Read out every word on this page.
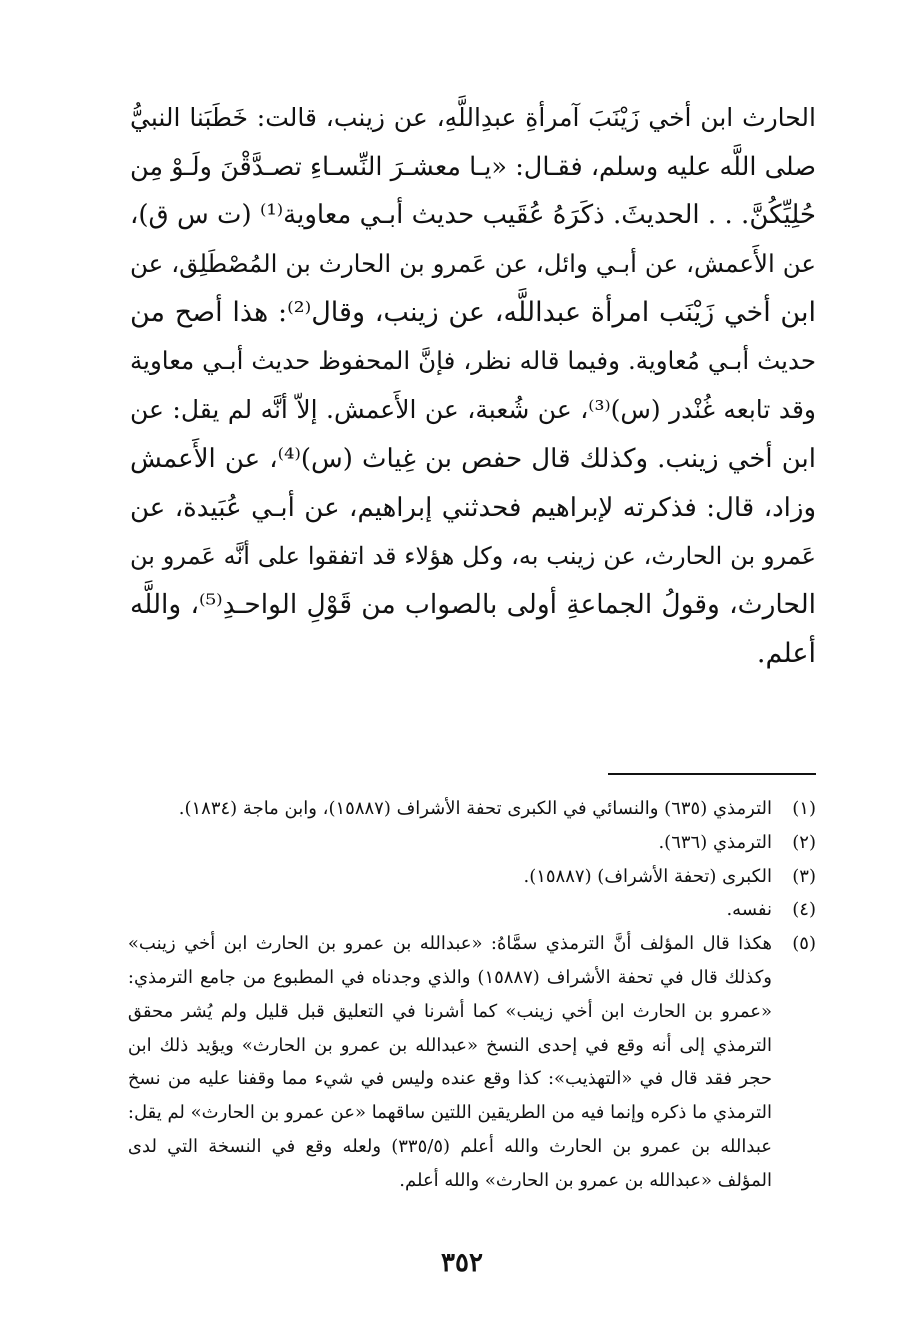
الحارث ابن أخي زَيْنَبَ آمرأةِ عبدِاللَّهِ، عن زينب، قالت: خَطَبَنا النبيُّ
صلى اللَّه عليه وسلم، فقـال: «يـا معشـرَ النِّسـاءِ تصـدَّقْنَ ولَـوْ مِن
حُلِيِّكُنَّ. . . الحديثَ. ذكَرَهُ عُقَيب حديث أبـي معاوية⁽¹⁾ (ت س ق)،
عن الأَعمش، عن أبـي وائل، عن عَمرو بن الحارث بن المُصْطَلِق، عن
ابن أخي زَيْنَب امرأة عبداللَّه، عن زينب، وقال⁽²⁾: هذا أصح من
حديث أبـي مُعاوية. وفيما قاله نظر، فإنَّ المحفوظ حديث أبـي معاوية
وقد تابعه غُنْدر (س)⁽³⁾، عن شُعبة، عن الأَعمش. إلاّ أنَّه لم يقل: عن
ابن أخي زينب. وكذلك قال حفص بن غِياث (س)⁽⁴⁾، عن الأَعمش
وزاد، قال: فذكرته لإبراهيم فحدثني إبراهيم، عن أبـي عُبَيدة، عن
عَمرو بن الحارث، عن زينب به، وكل هؤلاء قد اتفقوا على أنَّه عَمرو بن
الحارث، وقولُ الجماعةِ أولى بالصواب من قَوْلِ الواحـدِ⁽⁵⁾، واللَّه
أعلم.
(١)
الترمذي (٦٣٥) والنسائي في الكبرى تحفة الأشراف (١٥٨٨٧)، وابن ماجة (١٨٣٤).
(٢)
الترمذي (٦٣٦).
(٣)
الكبرى (تحفة الأشراف) (١٥٨٨٧).
(٤)
نفسه.
(٥)
هكذا قال المؤلف أنَّ الترمذي سمَّاهُ: «عبدالله بن عمرو بن الحارث ابن أخي زينب»
وكذلك قال في تحفة الأشراف (١٥٨٨٧) والذي وجدناه في المطبوع من جامع الترمذي:
«عمرو بن الحارث ابن أخي زينب» كما أشرنا في التعليق قبل قليل ولم يُشر محقق
الترمذي إلى أنه وقع في إحدى النسخ «عبدالله بن عمرو بن الحارث» ويؤيد ذلك ابن
حجر فقد قال في «التهذيب»: كذا وقع عنده وليس في شيء مما وقفنا عليه من نسخ
الترمذي ما ذكره وإنما فيه من الطريقين اللتين ساقهما «عن عمرو بن الحارث» لم يقل:
عبدالله بن عمرو بن الحارث والله أعلم (٣٣٥/٥) ولعله وقع في النسخة التي لدى
المؤلف «عبدالله بن عمرو بن الحارث» والله أعلم.
٣٥٢
